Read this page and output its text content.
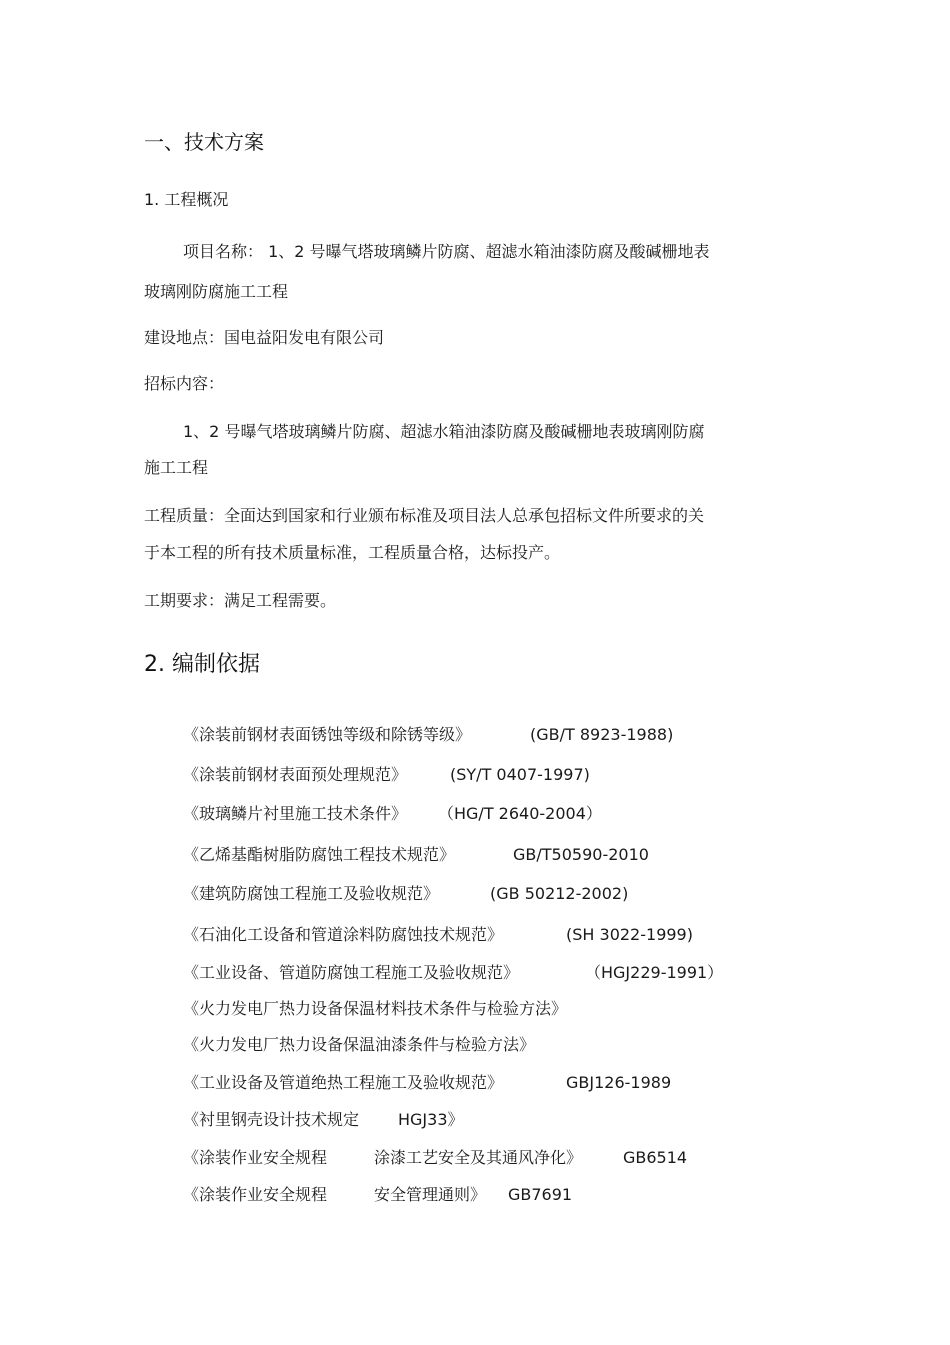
一、技术方案
1. 工程概况
项目名称： 1、2 号曝气塔玻璃鳞片防腐、超滤水箱油漆防腐及酸碱栅地表
玻璃刚防腐施工工程
建设地点：国电益阳发电有限公司
招标内容：
1、2 号曝气塔玻璃鳞片防腐、超滤水箱油漆防腐及酸碱栅地表玻璃刚防腐
施工工程
工程质量：全面达到国家和行业颁布标准及项目法人总承包招标文件所要求的关
于本工程的所有技术质量标准，工程质量合格，达标投产。
工期要求：满足工程需要。
2. 编制依据
《涂装前钢材表面锈蚀等级和除锈等级》	(GB/T 8923-1988)
《涂装前钢材表面预处理规范》	(SY/T 0407-1997)
《玻璃鳞片衬里施工技术条件》 （HG/T 2640-2004）
《乙烯基酯树脂防腐蚀工程技术规范》	GB/T50590-2010
《建筑防腐蚀工程施工及验收规范》	(GB 50212-2002)
《石油化工设备和管道涂料防腐蚀技术规范》	(SH 3022-1999)
《工业设备、管道防腐蚀工程施工及验收规范》	（HGJ229-1991）
《火力发电厂热力设备保温材料技术条件与检验方法》
《火力发电厂热力设备保温油漆条件与检验方法》
《工业设备及管道绝热工程施工及验收规范》	GBJ126-1989
《衬里钢壳设计技术规定 HGJ33》
《涂装作业安全规程	涂漆工艺安全及其通风净化》	GB6514
《涂装作业安全规程	安全管理通则》 GB7691
